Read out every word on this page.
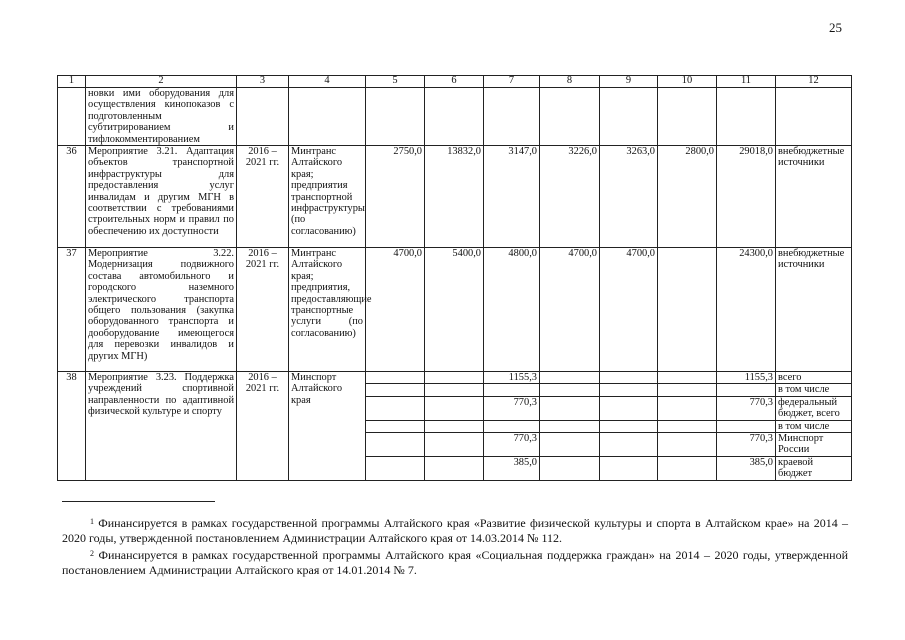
25
1	2	3	4	5	6	7	8	9	10	11	12
	новки ими оборудования для осуществления кинопоказов с подготовленным субтитрированием и тифлокомментированием										
36	Мероприятие 3.21. Адаптация объектов транспортной инфраструктуры для предоставления услуг инвалидам и другим МГН в соответствии с требованиями строительных норм и правил по обеспечению их доступности	2016 – 2021 гг.	Минтранс Алтайского края; предприятия транспортной инфраструктуры (по согласованию)	2750,0	13832,0	3147,0	3226,0	3263,0	2800,0	29018,0	внебюджетные источники
37	Мероприятие 3.22. Модернизация подвижного состава автомобильного и городского наземного электрического транспорта общего пользования (закупка оборудованного транспорта и дооборудование имеющегося для перевозки инвалидов и других МГН)	2016 – 2021 гг.	Минтранс Алтайского края; предприятия, предоставляющие транспортные услуги (по согласованию)	4700,0	5400,0	4800,0	4700,0	4700,0		24300,0	внебюджетные источники
38	Мероприятие 3.23. Поддержка учреждений спортивной направленности по адаптивной физической культуре и спорту	2016 – 2021 гг.	Минспорт Алтайского края			1155,3				1155,3	всего
											в том числе
						770,3				770,3	федеральный бюджет, всего
											в том числе
						770,3				770,3	Минспорт России
						385,0				385,0	краевой бюджет
$^1$ Финансируется в рамках государственной программы Алтайского края «Развитие физической культуры и спорта в Алтайском крае» на 2014 – 2020 годы, утвержденной постановлением Администрации Алтайского края от 14.03.2014 № 112.
$^2$ Финансируется в рамках государственной программы Алтайского края «Социальная поддержка граждан» на 2014 – 2020 годы, утвержденной постановлением Администрации Алтайского края от 14.01.2014 № 7.
